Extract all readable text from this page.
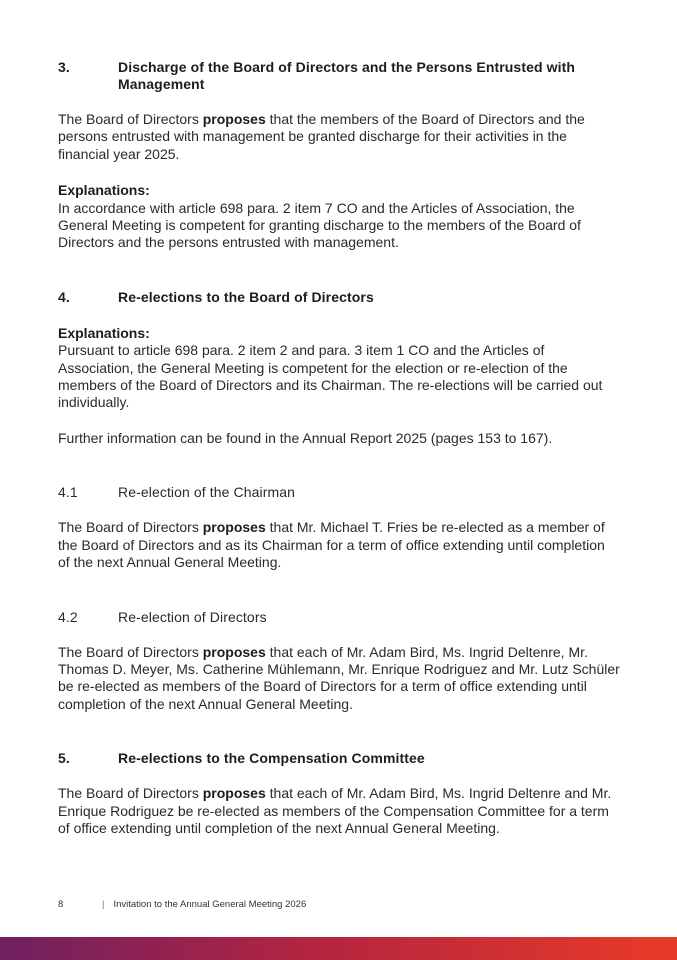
3.	Discharge of the Board of Directors and the Persons Entrusted with Management

The Board of Directors proposes that the members of the Board of Directors and the persons entrusted with management be granted discharge for their activities in the financial year 2025.

Explanations:
In accordance with article 698 para. 2 item 7 CO and the Articles of Association, the General Meeting is competent for granting discharge to the members of the Board of Directors and the persons entrusted with management.
4.	Re-elections to the Board of Directors
Explanations:
Pursuant to article 698 para. 2 item 2 and para. 3 item 1 CO and the Articles of Association, the General Meeting is competent for the election or re-election of the members of the Board of Directors and its Chairman. The re-elections will be carried out individually.

Further information can be found in the Annual Report 2025 (pages 153 to 167).

4.1	Re-election of the Chairman

The Board of Directors proposes that Mr. Michael T. Fries be re-elected as a member of the Board of Directors and as its Chairman for a term of office extending until completion of the next Annual General Meeting.

4.2	Re-election of Directors

The Board of Directors proposes that each of Mr. Adam Bird, Ms. Ingrid Deltenre, Mr. Thomas D. Meyer, Ms. Catherine Mühlemann, Mr. Enrique Rodriguez and Mr. Lutz Schüler be re-elected as members of the Board of Directors for a term of office extending until completion of the next Annual General Meeting.

5.	Re-elections to the Compensation Committee

The Board of Directors proposes that each of Mr. Adam Bird, Ms. Ingrid Deltenre and Mr. Enrique Rodriguez be re-elected as members of the Compensation Committee for a term of office extending until completion of the next Annual General Meeting.

8	| Invitation to the Annual General Meeting 2026
